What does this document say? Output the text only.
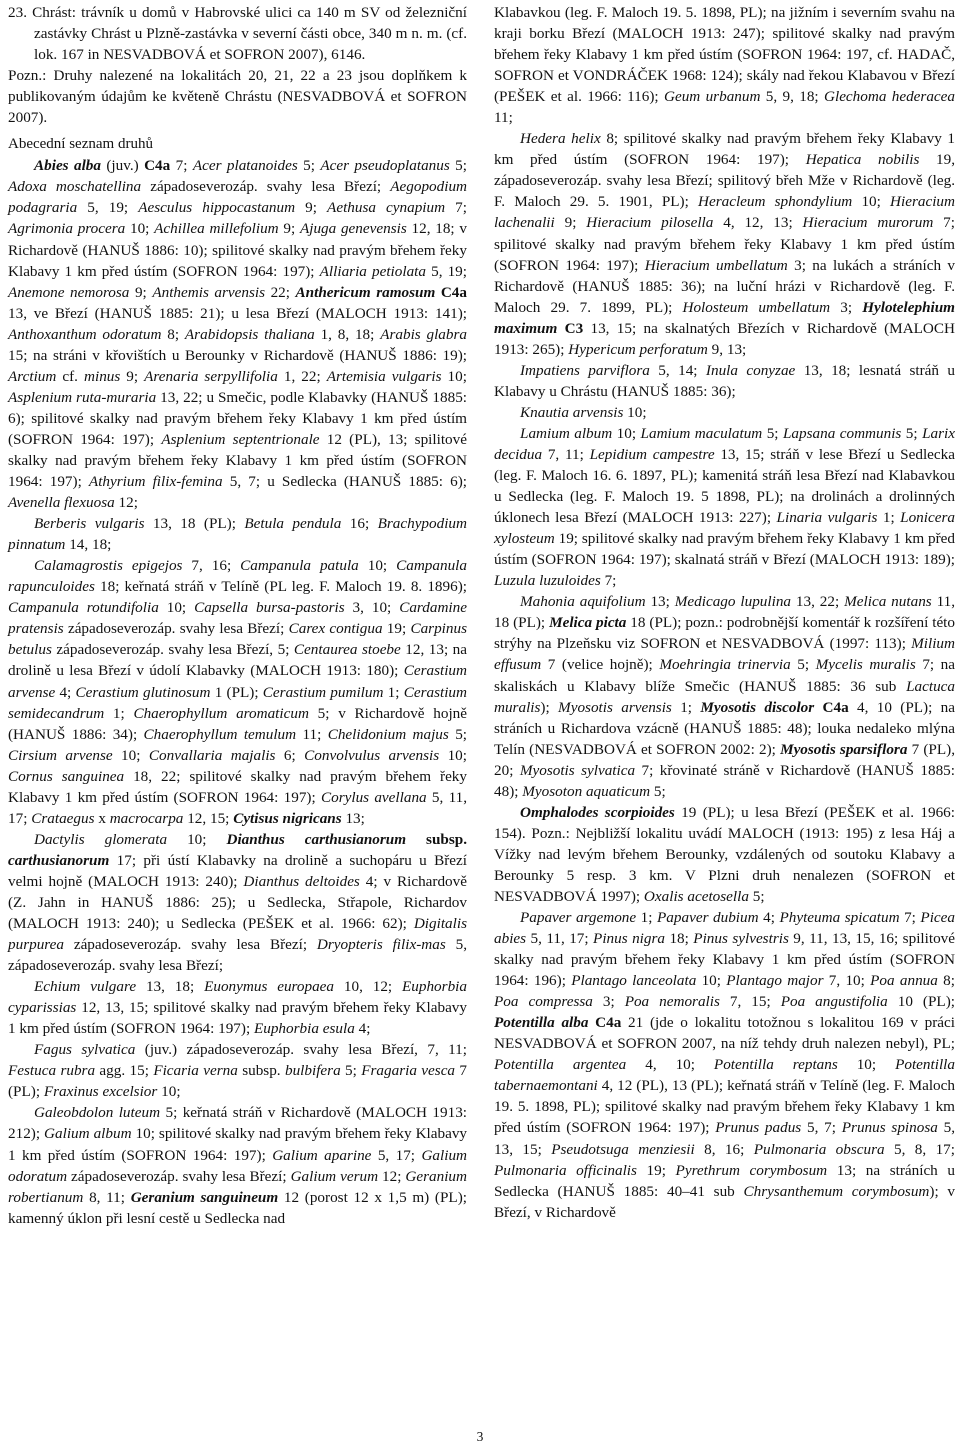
23. Chrást: trávník u domů v Habrovské ulici ca 140 m SV od železniční zastávky Chrást u Plzně-zastávka v severní části obce, 340 m n. m. (cf. lok. 167 in NESVADBOVÁ et SOFRON 2007), 6146.

Pozn.: Druhy nalezené na lokalitách 20, 21, 22 a 23 jsou doplňkem k publikovaným údajům ke květeně Chrástu (NESVADBOVÁ et SOFRON 2007).

Abecední seznam druhů

Abies alba (juv.) C4a 7; Acer platanoides 5; Acer pseudoplatanus 5; Adoxa moschatellina západoseverozáp. svahy lesa Březí; Aegopodium podagraria 5, 19; Aesculus hippocastanum 9; Aethusa cynapium 7; Agrimonia procera 10; Achillea millefolium 9; Ajuga genevensis 12, 18; v Richardově (HANUŠ 1886: 10); spilitové skalky nad pravým břehem řeky Klabavy 1 km před ústím (SOFRON 1964: 197); Alliaria petiolata 5, 19; Anemone nemorosa 9; Anthemis arvensis 22; Anthericum ramosum C4a 13, ve Březí (HANUŠ 1885: 21); u lesa Březí (MALOCH 1913: 141); Anthoxanthum odoratum 8; Arabidopsis thaliana 1, 8, 18; Arabis glabra 15; na stráni v křovištích u Berounky v Richardově (HANUŠ 1886: 19); Arctium cf. minus 9; Arenaria serpyllifolia 1, 22; Artemisia vulgaris 10; Asplenium ruta-muraria 13, 22; u Smečic, podle Klabavky (HANUŠ 1885: 6); spilitové skalky nad pravým břehem řeky Klabavy 1 km před ústím (SOFRON 1964: 197); Asplenium septentrionale 12 (PL), 13; spilitové skalky nad pravým břehem řeky Klabavy 1 km před ústím (SOFRON 1964: 197); Athyrium filix-femina 5, 7; u Sedlecka (HANUŠ 1885: 6); Avenella flexuosa 12;

Berberis vulgaris 13, 18 (PL); Betula pendula 16; Brachypodium pinnatum 14, 18;

Calamagrostis epigejos 7, 16; Campanula patula 10; Campanula rapunculoides 18; keřnatá stráň v Telíně (PL leg. F. Maloch 19. 8. 1896); Campanula rotundifolia 10; Capsella bursa-pastoris 3, 10; Cardamine pratensis západoseverozáp. svahy lesa Březí; Carex contigua 19; Carpinus betulus západoseverozáp. svahy lesa Březí, 5; Centaurea stoebe 12, 13; na drolině u lesa Březí v údolí Klabavky (MALOCH 1913: 180); Cerastium arvense 4; Cerastium glutinosum 1 (PL); Cerastium pumilum 1; Cerastium semidecandrum 1; Chaerophyllum aromaticum 5; v Richardově hojně (HANUŠ 1886: 34); Chaerophyllum temulum 11; Chelidonium majus 5; Cirsium arvense 10; Convallaria majalis 6; Convolvulus arvensis 10; Cornus sanguinea 18, 22; spilitové skalky nad pravým břehem řeky Klabavy 1 km před ústím (SOFRON 1964: 197); Corylus avellana 5, 11, 17; Crataegus x macrocarpa 12, 15; Cytisus nigricans 13;

Dactylis glomerata 10; Dianthus carthusianorum subsp. carthusianorum 17; při ústí Klabavky na drolině a suchopáru u Březí velmi hojně (MALOCH 1913: 240); Dianthus deltoides 4; v Richardově (Z. Jahn in HANUŠ 1886: 25); u Sedlecka, Střapole, Richardov (MALOCH 1913: 240); u Sedlecka (PEŠEK et al. 1966: 62); Digitalis purpurea západoseverozáp. svahy lesa Březí; Dryopteris filix-mas 5, západoseverozáp. svahy lesa Březí;

Echium vulgare 13, 18; Euonymus europaea 10, 12; Euphorbia cyparissias 12, 13, 15; spilitové skalky nad pravým břehem řeky Klabavy 1 km před ústím (SOFRON 1964: 197); Euphorbia esula 4;

Fagus sylvatica (juv.) západoseverozáp. svahy lesa Březí, 7, 11; Festuca rubra agg. 15; Ficaria verna subsp. bulbifera 5; Fragaria vesca 7 (PL); Fraxinus excelsior 10;

Galeobdolon luteum 5; keřnatá stráň v Richardově (MALOCH 1913: 212); Galium album 10; spilitové skalky nad pravým břehem řeky Klabavy 1 km před ústím (SOFRON 1964: 197); Galium aparine 5, 17; Galium odoratum západoseverozáp. svahy lesa Březí; Galium verum 12; Geranium robertianum 8, 11; Geranium sanguineum 12 (porost 12 x 1,5 m) (PL); kamenný úklon při lesní cestě u Sedlecka nad

Klabavkou (leg. F. Maloch 19. 5. 1898, PL); na jižním i severním svahu na kraji borku Březí (MALOCH 1913: 247); spilitové skalky nad pravým břehem řeky Klabavy 1 km před ústím (SOFRON 1964: 197, cf. HADAČ, SOFRON et VONDRÁČEK 1968: 124); skály nad řekou Klabavou v Březí (PEŠEK et al. 1966: 116); Geum urbanum 5, 9, 18; Glechoma hederacea 11;

Hedera helix 8; spilitové skalky nad pravým břehem řeky Klabavy 1 km před ústím (SOFRON 1964: 197); Hepatica nobilis 19, západoseverozáp. svahy lesa Březí; spilitový břeh Mže v Richardově (leg. F. Maloch 29. 5. 1901, PL); Heracleum sphondylium 10; Hieracium lachenalii 9; Hieracium pilosella 4, 12, 13; Hieracium murorum 7; spilitové skalky nad pravým břehem řeky Klabavy 1 km před ústím (SOFRON 1964: 197); Hieracium umbellatum 3; na lukách a stráních v Richardově (HANUŠ 1885: 36); na luční hrázi v Richardově (leg. F. Maloch 29. 7. 1899, PL); Holosteum umbellatum 3; Hylotelephium maximum C3 13, 15; na skalnatých Březích v Richardově (MALOCH 1913: 265); Hypericum perforatum 9, 13;

Impatiens parviflora 5, 14; Inula conyzae 13, 18; lesnatá stráň u Klabavy u Chrástu (HANUŠ 1885: 36);

Knautia arvensis 10;

Lamium album 10; Lamium maculatum 5; Lapsana communis 5; Larix decidua 7, 11; Lepidium campestre 13, 15; stráň v lese Březí u Sedlecka (leg. F. Maloch 16. 6. 1897, PL); kamenitá stráň lesa Březí nad Klabavkou u Sedlecka (leg. F. Maloch 19. 5 1898, PL); na drolinách a drolinných úklonech lesa Březí (MALOCH 1913: 227); Linaria vulgaris 1; Lonicera xylosteum 19; spilitové skalky nad pravým břehem řeky Klabavy 1 km před ústím (SOFRON 1964: 197); skalnatá stráň v Březí (MALOCH 1913: 189); Luzula luzuloides 7;

Mahonia aquifolium 13; Medicago lupulina 13, 22; Melica nutans 11, 18 (PL); Melica picta 18 (PL); pozn.: podrobnější komentář k rozšíření této strýhy na Plzeňsku viz SOFRON et NESVADBOVÁ (1997: 113); Milium effusum 7 (velice hojně); Moehringia trinervia 5; Mycelis muralis 7; na skaliskách u Klabavy blíže Smečic (HANUŠ 1885: 36 sub Lactuca muralis); Myosotis arvensis 1; Myosotis discolor C4a 4, 10 (PL); na stráních u Richardova vzácně (HANUŠ 1885: 48); louka nedaleko mlýna Telín (NESVADBOVÁ et SOFRON 2002: 2); Myosotis sparsiflora 7 (PL), 20; Myosotis sylvatica 7; křovinaté stráně v Richardově (HANUŠ 1885: 48); Myosoton aquaticum 5;

Omphalodes scorpioides 19 (PL); u lesa Březí (PEŠEK et al. 1966: 154). Pozn.: Nejbližší lokalitu uvádí MALOCH (1913: 195) z lesa Háj a Vížky nad levým břehem Berounky, vzdálených od soutoku Klabavy a Berounky 5 resp. 3 km. V Plzni druh nenalezen (SOFRON et NESVADBOVÁ 1997); Oxalis acetosella 5;

Papaver argemone 1; Papaver dubium 4; Phyteuma spicatum 7; Picea abies 5, 11, 17; Pinus nigra 18; Pinus sylvestris 9, 11, 13, 15, 16; spilitové skalky nad pravým břehem řeky Klabavy 1 km před ústím (SOFRON 1964: 196); Plantago lanceolata 10; Plantago major 7, 10; Poa annua 8; Poa compressa 3; Poa nemoralis 7, 15; Poa angustifolia 10 (PL); Potentilla alba C4a 21 (jde o lokalitu totožnou s lokalitou 169 v práci NESVADBOVÁ et SOFRON 2007, na níž tehdy druh nalezen nebyl), PL; Potentilla argentea 4, 10; Potentilla reptans 10; Potentilla tabernaemontani 4, 12 (PL), 13 (PL); keřnatá stráň v Telíně (leg. F. Maloch 19. 5. 1898, PL); spilitové skalky nad pravým břehem řeky Klabavy 1 km před ústím (SOFRON 1964: 197); Prunus padus 5, 7; Prunus spinosa 5, 13, 15; Pseudotsuga menziesii 8, 16; Pulmonaria obscura 5, 8, 17; Pulmonaria officinalis 19; Pyrethrum corymbosum 13; na stráních u Sedlecka (HANUŠ 1885: 40–41 sub Chrysanthemum corymbosum); v Březí, v Richardově

3
